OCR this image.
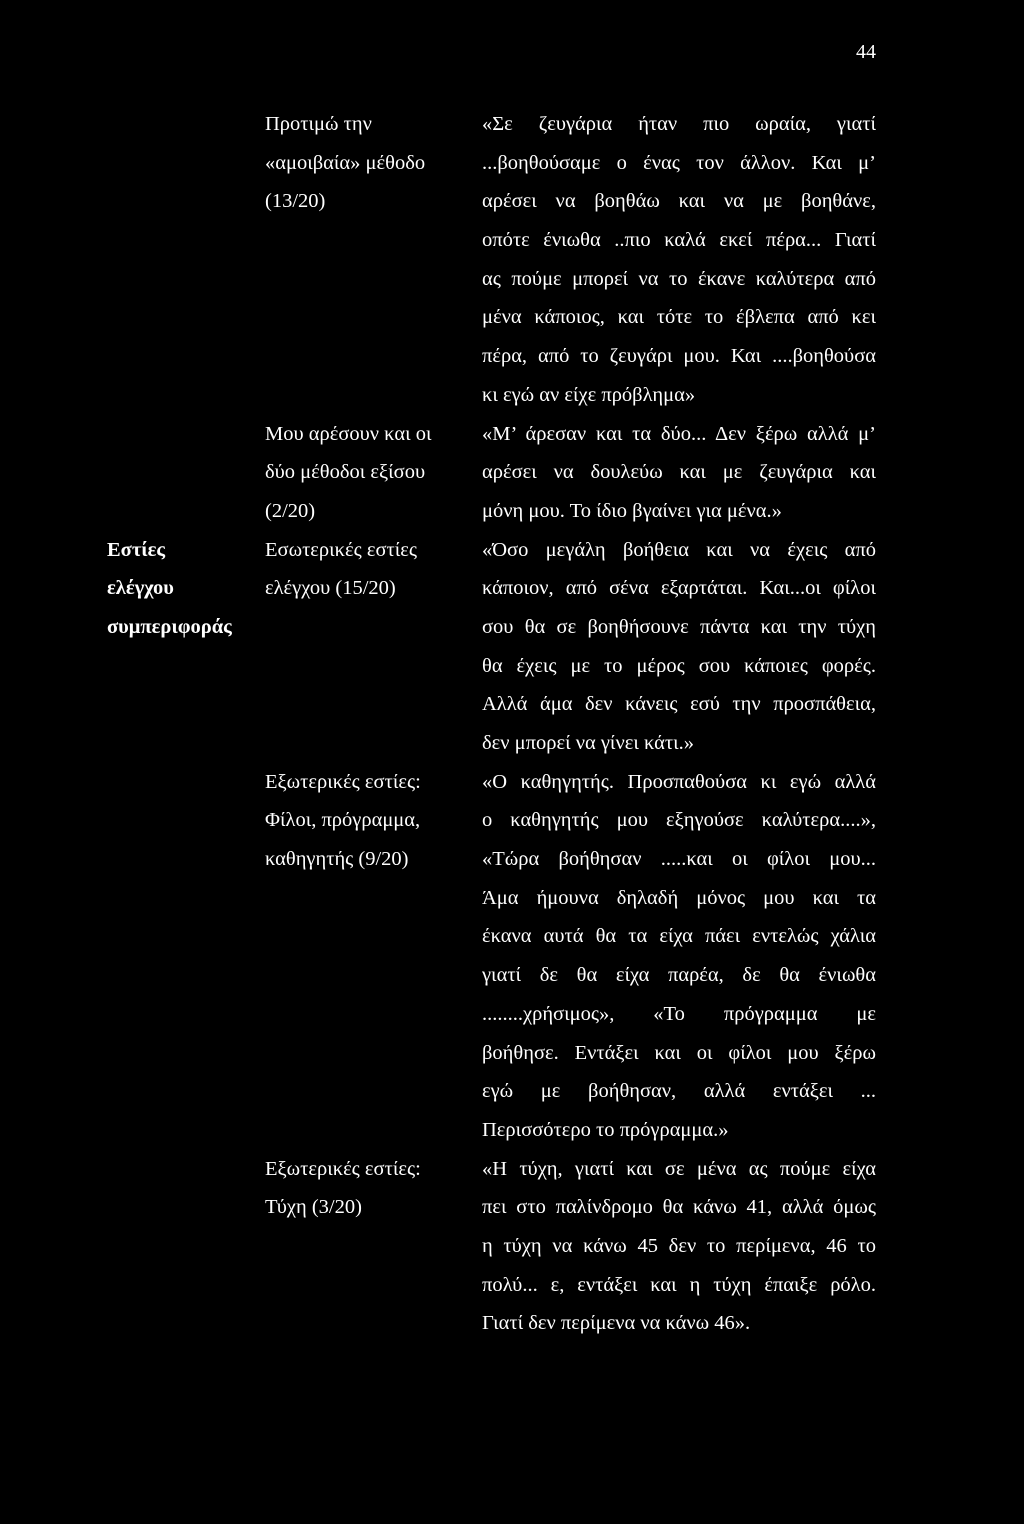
44
Προτιμώ την
«αμοιβαία» μέθοδο
(13/20)
«Σε ζευγάρια ήταν πιο ωραία, γιατί
...βοηθούσαμε ο ένας τον άλλον. Και μ’
αρέσει να βοηθάω και να με βοηθάνε,
οπότε ένιωθα ..πιο καλά εκεί πέρα... Γιατί
ας πούμε μπορεί να το έκανε καλύτερα από
μένα κάποιος, και τότε το έβλεπα από κει
πέρα, από το ζευγάρι μου. Και ....βοηθούσα
κι εγώ αν είχε πρόβλημα»
Μου αρέσουν και οι
δύο μέθοδοι εξίσου
(2/20)
«Μ’ άρεσαν και τα δύο... Δεν ξέρω αλλά μ’
αρέσει να δουλεύω και με ζευγάρια και
μόνη μου. Το ίδιο βγαίνει για μένα.»
Εστίες
ελέγχου
συμπεριφοράς
Εσωτερικές εστίες
ελέγχου (15/20)
«Όσο μεγάλη βοήθεια και να έχεις από
κάποιον, από σένα εξαρτάται. Και...οι φίλοι
σου θα σε βοηθήσουνε πάντα και την τύχη
θα έχεις με το μέρος σου κάποιες φορές.
Αλλά άμα δεν κάνεις εσύ την προσπάθεια,
δεν μπορεί να γίνει κάτι.»
Εξωτερικές εστίες:
Φίλοι, πρόγραμμα,
καθηγητής (9/20)
«Ο καθηγητής. Προσπαθούσα κι εγώ αλλά
ο καθηγητής μου εξηγούσε καλύτερα....»,
«Τώρα βοήθησαν .....και οι φίλοι μου...
Άμα ήμουνα δηλαδή μόνος μου και τα
έκανα αυτά θα τα είχα πάει εντελώς χάλια
γιατί δε θα είχα παρέα, δε θα ένιωθα
........χρήσιμος», «Το πρόγραμμα με
βοήθησε. Εντάξει και οι φίλοι μου ξέρω
εγώ με βοήθησαν, αλλά εντάξει ...
Περισσότερο το πρόγραμμα.»
Εξωτερικές εστίες:
Τύχη (3/20)
«Η τύχη, γιατί και σε μένα ας πούμε είχα
πει στο παλίνδρομο θα κάνω 41, αλλά όμως
η τύχη να κάνω 45 δεν το περίμενα, 46 το
πολύ... ε, εντάξει και η τύχη έπαιξε ρόλο.
Γιατί δεν περίμενα να κάνω 46».
